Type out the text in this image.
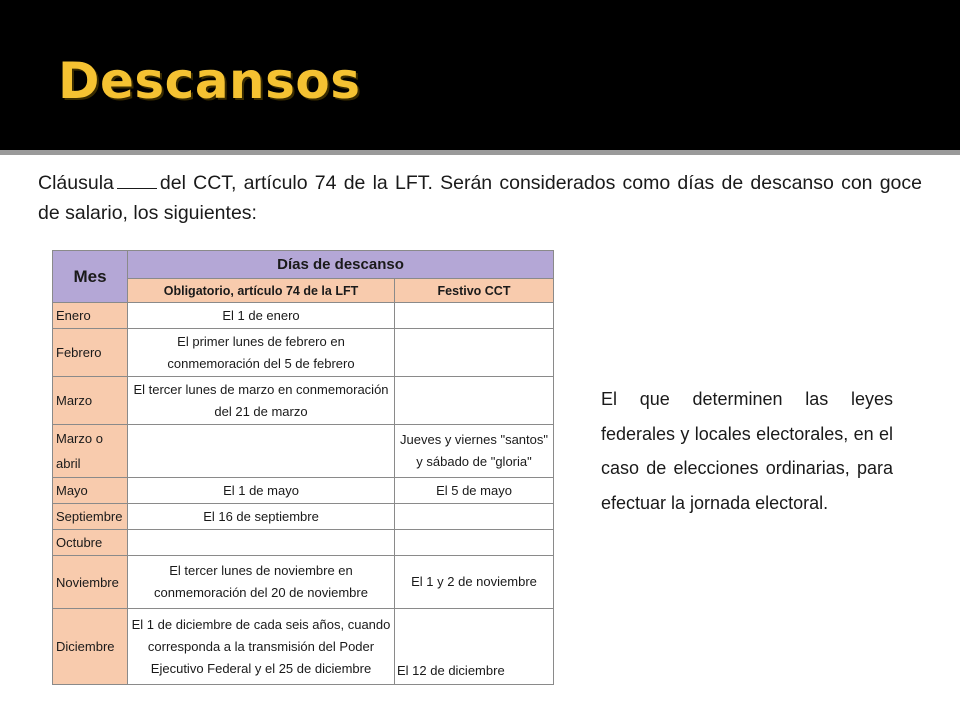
Descansos

Cláusula del CCT, artículo 74 de la LFT. Serán considerados como días de descanso con goce de salario, los siguientes:

Mes	Días de descanso	
	Obligatorio, artículo 74 de la LFT	Festivo CCT
Enero	El 1 de enero	
Febrero	El primer lunes de febrero en conmemoración del 5 de febrero	
Marzo	El tercer lunes de marzo en conmemoración del 21 de marzo	
Marzo o abril		Jueves y viernes "santos" y sábado de "gloria"
Mayo	El 1 de mayo	El 5 de mayo
Septiembre	El 16 de septiembre	
Octubre		
Noviembre	El tercer lunes de noviembre en conmemoración del 20 de noviembre	El 1 y 2 de noviembre
Diciembre	El 1 de diciembre de cada seis años, cuando corresponda a la transmisión del Poder Ejecutivo Federal y el 25 de diciembre	El 12 de diciembre

El que determinen las leyes federales y locales electorales, en el caso de elecciones ordinarias, para efectuar la jornada electoral.
